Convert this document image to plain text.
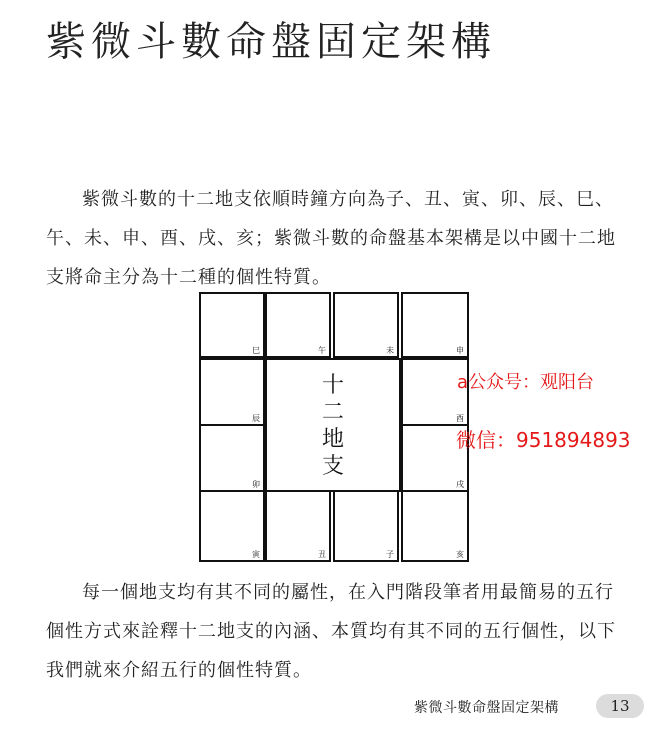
紫微斗數命盤固定架構
紫微斗數的十二地支依順時鐘方向為子、丑、寅、卯、辰、巳、午、未、申、酉、戌、亥；紫微斗數的命盤基本架構是以中國十二地支將命主分為十二種的個性特質。
巳	午	未	申
辰	酉
卯	戌
寅	丑	子	亥
十
二
地
支
a公众号：观阳台
微信：951894893
每一個地支均有其不同的屬性，在入門階段筆者用最簡易的五行個性方式來詮釋十二地支的內涵、本質均有其不同的五行個性，以下我們就來介紹五行的個性特質。
紫微斗數命盤固定架構	13
